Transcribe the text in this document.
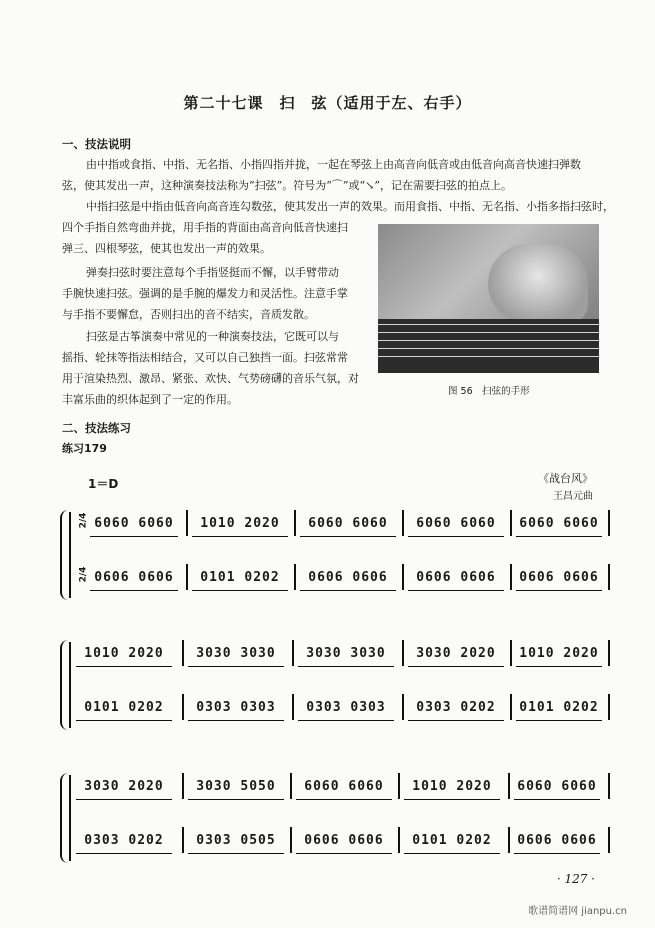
第二十七课　扫　弦（适用于左、右手）
一、技法说明
由中指或食指、中指、无名指、小指四指并拢，一起在琴弦上由高音向低音或由低音向高音快速扫弹数
弦，使其发出一声，这种演奏技法称为“扫弦”。符号为“⌒”或“↘”，记在需要扫弦的拍点上。
中指扫弦是中指由低音向高音连勾数弦，使其发出一声的效果。而用食指、中指、无名指、小指多指扫弦时，
四个手指自然弯曲并拢，用手指的背面由高音向低音快速扫
弹三、四根琴弦，使其也发出一声的效果。
弹奏扫弦时要注意每个手指竖挺而不懈，以手臂带动
手腕快速扫弦。强调的是手腕的爆发力和灵活性。注意手掌
与手指不要懈怠，否则扫出的音不结实，音质发散。
扫弦是古筝演奏中常见的一种演奏技法，它既可以与
摇指、轮抹等指法相结合，又可以自己独挡一面。扫弦常常
用于渲染热烈、激昂、紧张、欢快、气势磅礴的音乐气氛，对
丰富乐曲的织体起到了一定的作用。
图 56　扫弦的手形
二、技法练习
练习179
1＝D	《战台风》
王昌元曲
2/4
6060 6060	1010 2020	6060 6060	6060 6060	6060 6060
2/4
0606 0606	0101 0202	0606 0606	0606 0606	0606 0606
1010 2020	3030 3030	3030 3030	3030 2020	1010 2020
0101 0202	0303 0303	0303 0303	0303 0202	0101 0202
3030 2020	3030 5050	6060 6060	1010 2020	6060 6060
0303 0202	0303 0505	0606 0606	0101 0202	0606 0606
· 127 ·
歌谱简谱网 jianpu.cn
